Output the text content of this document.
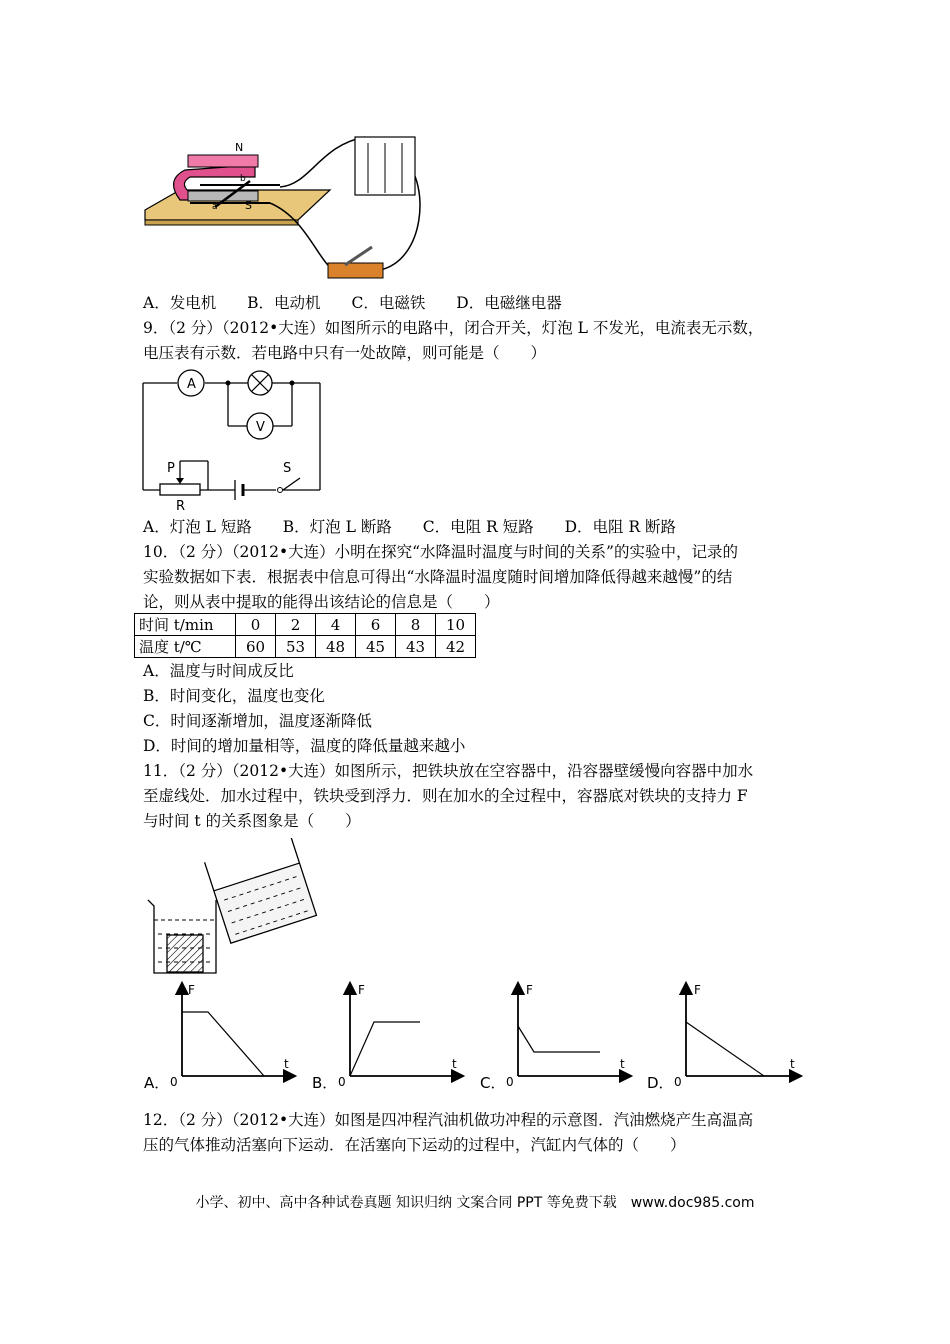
N
S
a
b
A．发电机 B．电动机 C．电磁铁 D．电磁继电器
9．（2 分）（2012•大连）如图所示的电路中，闭合开关，灯泡 L 不发光，电流表无示数，
电压表有示数．若电路中只有一处故障，则可能是（　　）
A
V
P
R
S
A．灯泡 L 短路 B．灯泡 L 断路 C．电阻 R 短路 D．电阻 R 断路
10．（2 分）（2012•大连）小明在探究“水降温时温度与时间的关系”的实验中，记录的
实验数据如下表．根据表中信息可得出“水降温时温度随时间增加降低得越来越慢”的结
论，则从表中提取的能得出该结论的信息是（　　）
时间 t/min	0	2	4	6	8	10
温度 t/℃	60	53	48	45	43	42
A．温度与时间成反比
B．时间变化，温度也变化
C．时间逐渐增加，温度逐渐降低
D．时间的增加量相等，温度的降低量越来越小
11．（2 分）（2012•大连）如图所示，把铁块放在空容器中，沿容器壁缓慢向容器中加水
至虚线处．加水过程中，铁块受到浮力．则在加水的全过程中，容器底对铁块的支持力 F
与时间 t 的关系图象是（　　）
A．
F
t
0	B．
F
t
0	C．
F
t
0	D．
F
t
0
12．（2 分）（2012•大连）如图是四冲程汽油机做功冲程的示意图．汽油燃烧产生高温高
压的气体推动活塞向下运动．在活塞向下运动的过程中，汽缸内气体的（　　）
小学、初中、高中各种试卷真题 知识归纳 文案合同 PPT 等免费下载　www.doc985.com
